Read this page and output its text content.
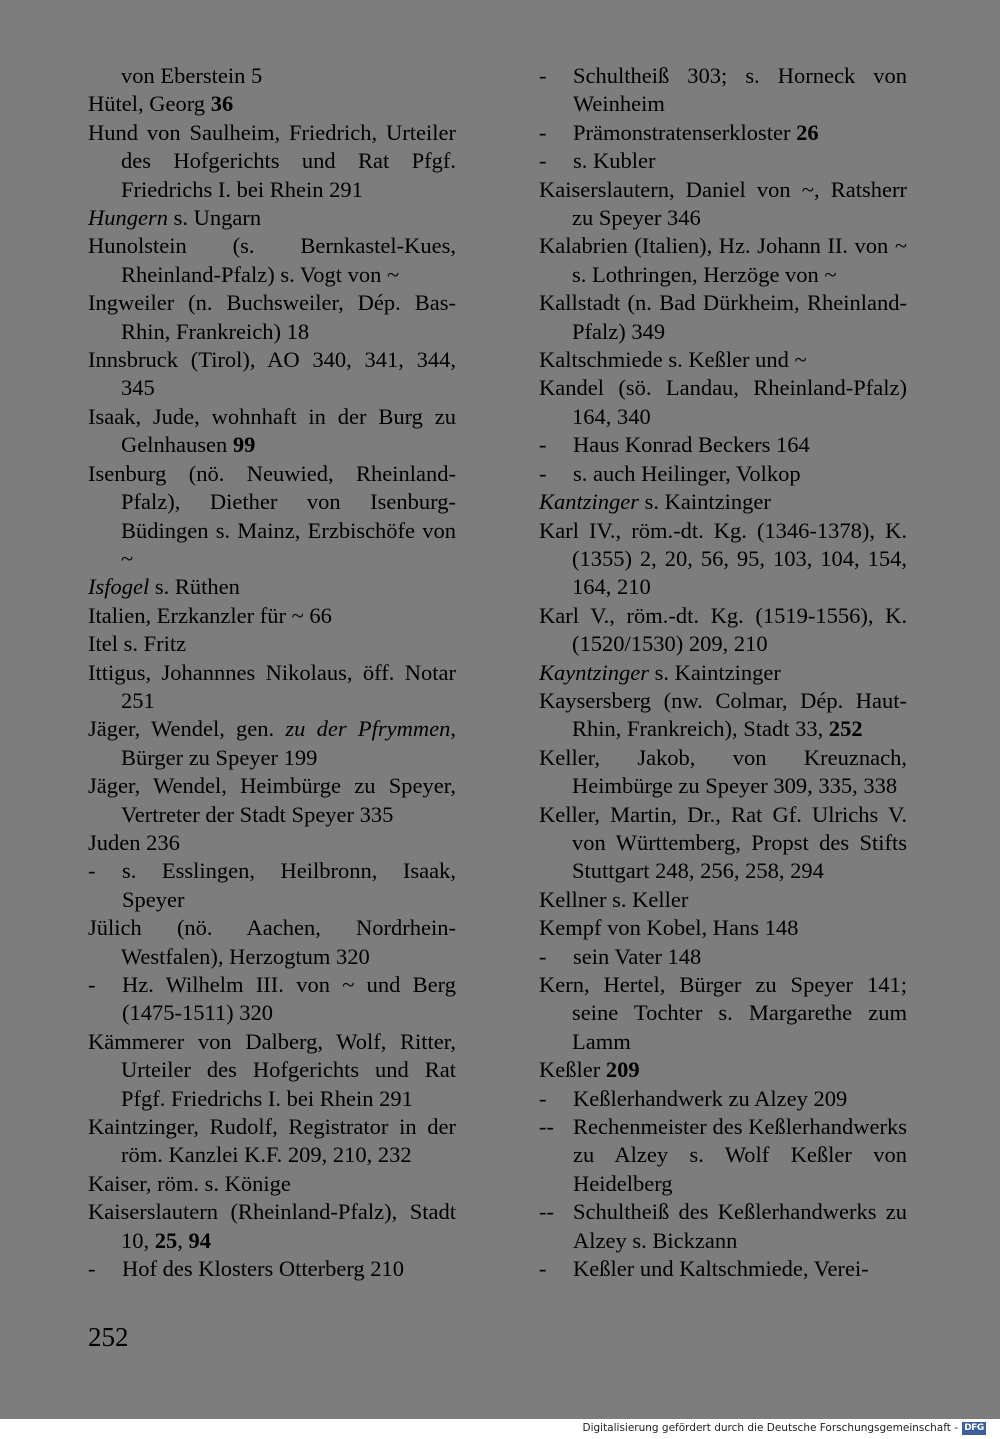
von Eberstein 5
Hütel, Georg 36
Hund von Saulheim, Friedrich, Urteiler des Hofgerichts und Rat Pfgf. Friedrichs I. bei Rhein 291
Hungern s. Ungarn
Hunolstein (s. Bernkastel-Kues, Rheinland-Pfalz) s. Vogt von ~
Ingweiler (n. Buchsweiler, Dép. Bas-Rhin, Frankreich) 18
Innsbruck (Tirol), AO 340, 341, 344, 345
Isaak, Jude, wohnhaft in der Burg zu Gelnhausen 99
Isenburg (nö. Neuwied, Rheinland-Pfalz), Diether von Isenburg-Büdingen s. Mainz, Erzbischöfe von ~
Isfogel s. Rüthen
Italien, Erzkanzler für ~ 66
Itel s. Fritz
Ittigus, Johannnes Nikolaus, öff. Notar 251
Jäger, Wendel, gen. zu der Pfrymmen, Bürger zu Speyer 199
Jäger, Wendel, Heimbürge zu Speyer, Vertreter der Stadt Speyer 335
Juden 236
- s. Esslingen, Heilbronn, Isaak, Speyer
Jülich (nö. Aachen, Nordrhein-Westfalen), Herzogtum 320
- Hz. Wilhelm III. von ~ und Berg (1475-1511) 320
Kämmerer von Dalberg, Wolf, Ritter, Urteiler des Hofgerichts und Rat Pfgf. Friedrichs I. bei Rhein 291
Kaintzinger, Rudolf, Registrator in der röm. Kanzlei K.F. 209, 210, 232
Kaiser, röm. s. Könige
Kaiserslautern (Rheinland-Pfalz), Stadt 10, 25, 94
- Hof des Klosters Otterberg 210
- Schultheiß 303; s. Horneck von Weinheim
- Prämonstratenserkloster 26
- s. Kubler
Kaiserslautern, Daniel von ~, Ratsherr zu Speyer 346
Kalabrien (Italien), Hz. Johann II. von ~ s. Lothringen, Herzöge von ~
Kallstadt (n. Bad Dürkheim, Rheinland-Pfalz) 349
Kaltschmiede s. Keßler und ~
Kandel (sö. Landau, Rheinland-Pfalz) 164, 340
- Haus Konrad Beckers 164
- s. auch Heilinger, Volkop
Kantzinger s. Kaintzinger
Karl IV., röm.-dt. Kg. (1346-1378), K. (1355) 2, 20, 56, 95, 103, 104, 154, 164, 210
Karl V., röm.-dt. Kg. (1519-1556), K. (1520/1530) 209, 210
Kayntzinger s. Kaintzinger
Kaysersberg (nw. Colmar, Dép. Haut-Rhin, Frankreich), Stadt 33, 252
Keller, Jakob, von Kreuznach, Heimbürge zu Speyer 309, 335, 338
Keller, Martin, Dr., Rat Gf. Ulrichs V. von Württemberg, Propst des Stifts Stuttgart 248, 256, 258, 294
Kellner s. Keller
Kempf von Kobel, Hans 148
- sein Vater 148
Kern, Hertel, Bürger zu Speyer 141; seine Tochter s. Margarethe zum Lamm
Keßler 209
- Keßlerhandwerk zu Alzey 209
-- Rechenmeister des Keßlerhandwerks zu Alzey s. Wolf Keßler von Heidelberg
-- Schultheiß des Keßlerhandwerks zu Alzey s. Bickzann
- Keßler und Kaltschmiede, Verei-
252
Digitalisierung gefördert durch die Deutsche Forschungsgemeinschaft - DFG
